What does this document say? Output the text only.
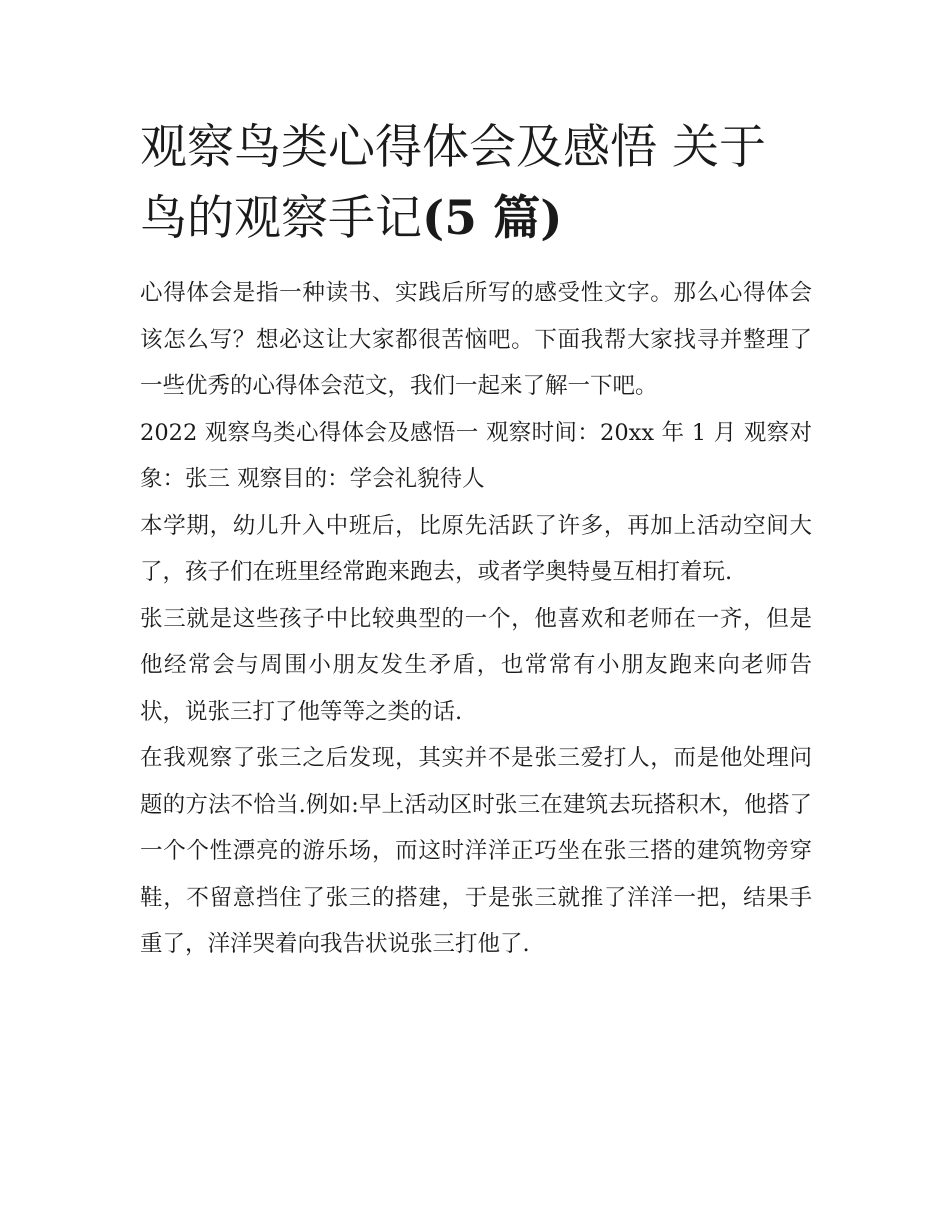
观察鸟类心得体会及感悟 关于鸟的观察手记(5 篇)

心得体会是指一种读书、实践后所写的感受性文字。那么心得体会该怎么写？想必这让大家都很苦恼吧。下面我帮大家找寻并整理了一些优秀的心得体会范文，我们一起来了解一下吧。

2022 观察鸟类心得体会及感悟一 观察时间：20xx 年 1 月 观察对象：张三 观察目的：学会礼貌待人

本学期，幼儿升入中班后，比原先活跃了许多，再加上活动空间大了，孩子们在班里经常跑来跑去，或者学奥特曼互相打着玩.

张三就是这些孩子中比较典型的一个，他喜欢和老师在一齐，但是他经常会与周围小朋友发生矛盾，也常常有小朋友跑来向老师告状，说张三打了他等等之类的话.

在我观察了张三之后发现，其实并不是张三爱打人，而是他处理问题的方法不恰当.例如:早上活动区时张三在建筑去玩搭积木，他搭了一个个性漂亮的游乐场，而这时洋洋正巧坐在张三搭的建筑物旁穿鞋，不留意挡住了张三的搭建，于是张三就推了洋洋一把，结果手重了，洋洋哭着向我告状说张三打他了.
